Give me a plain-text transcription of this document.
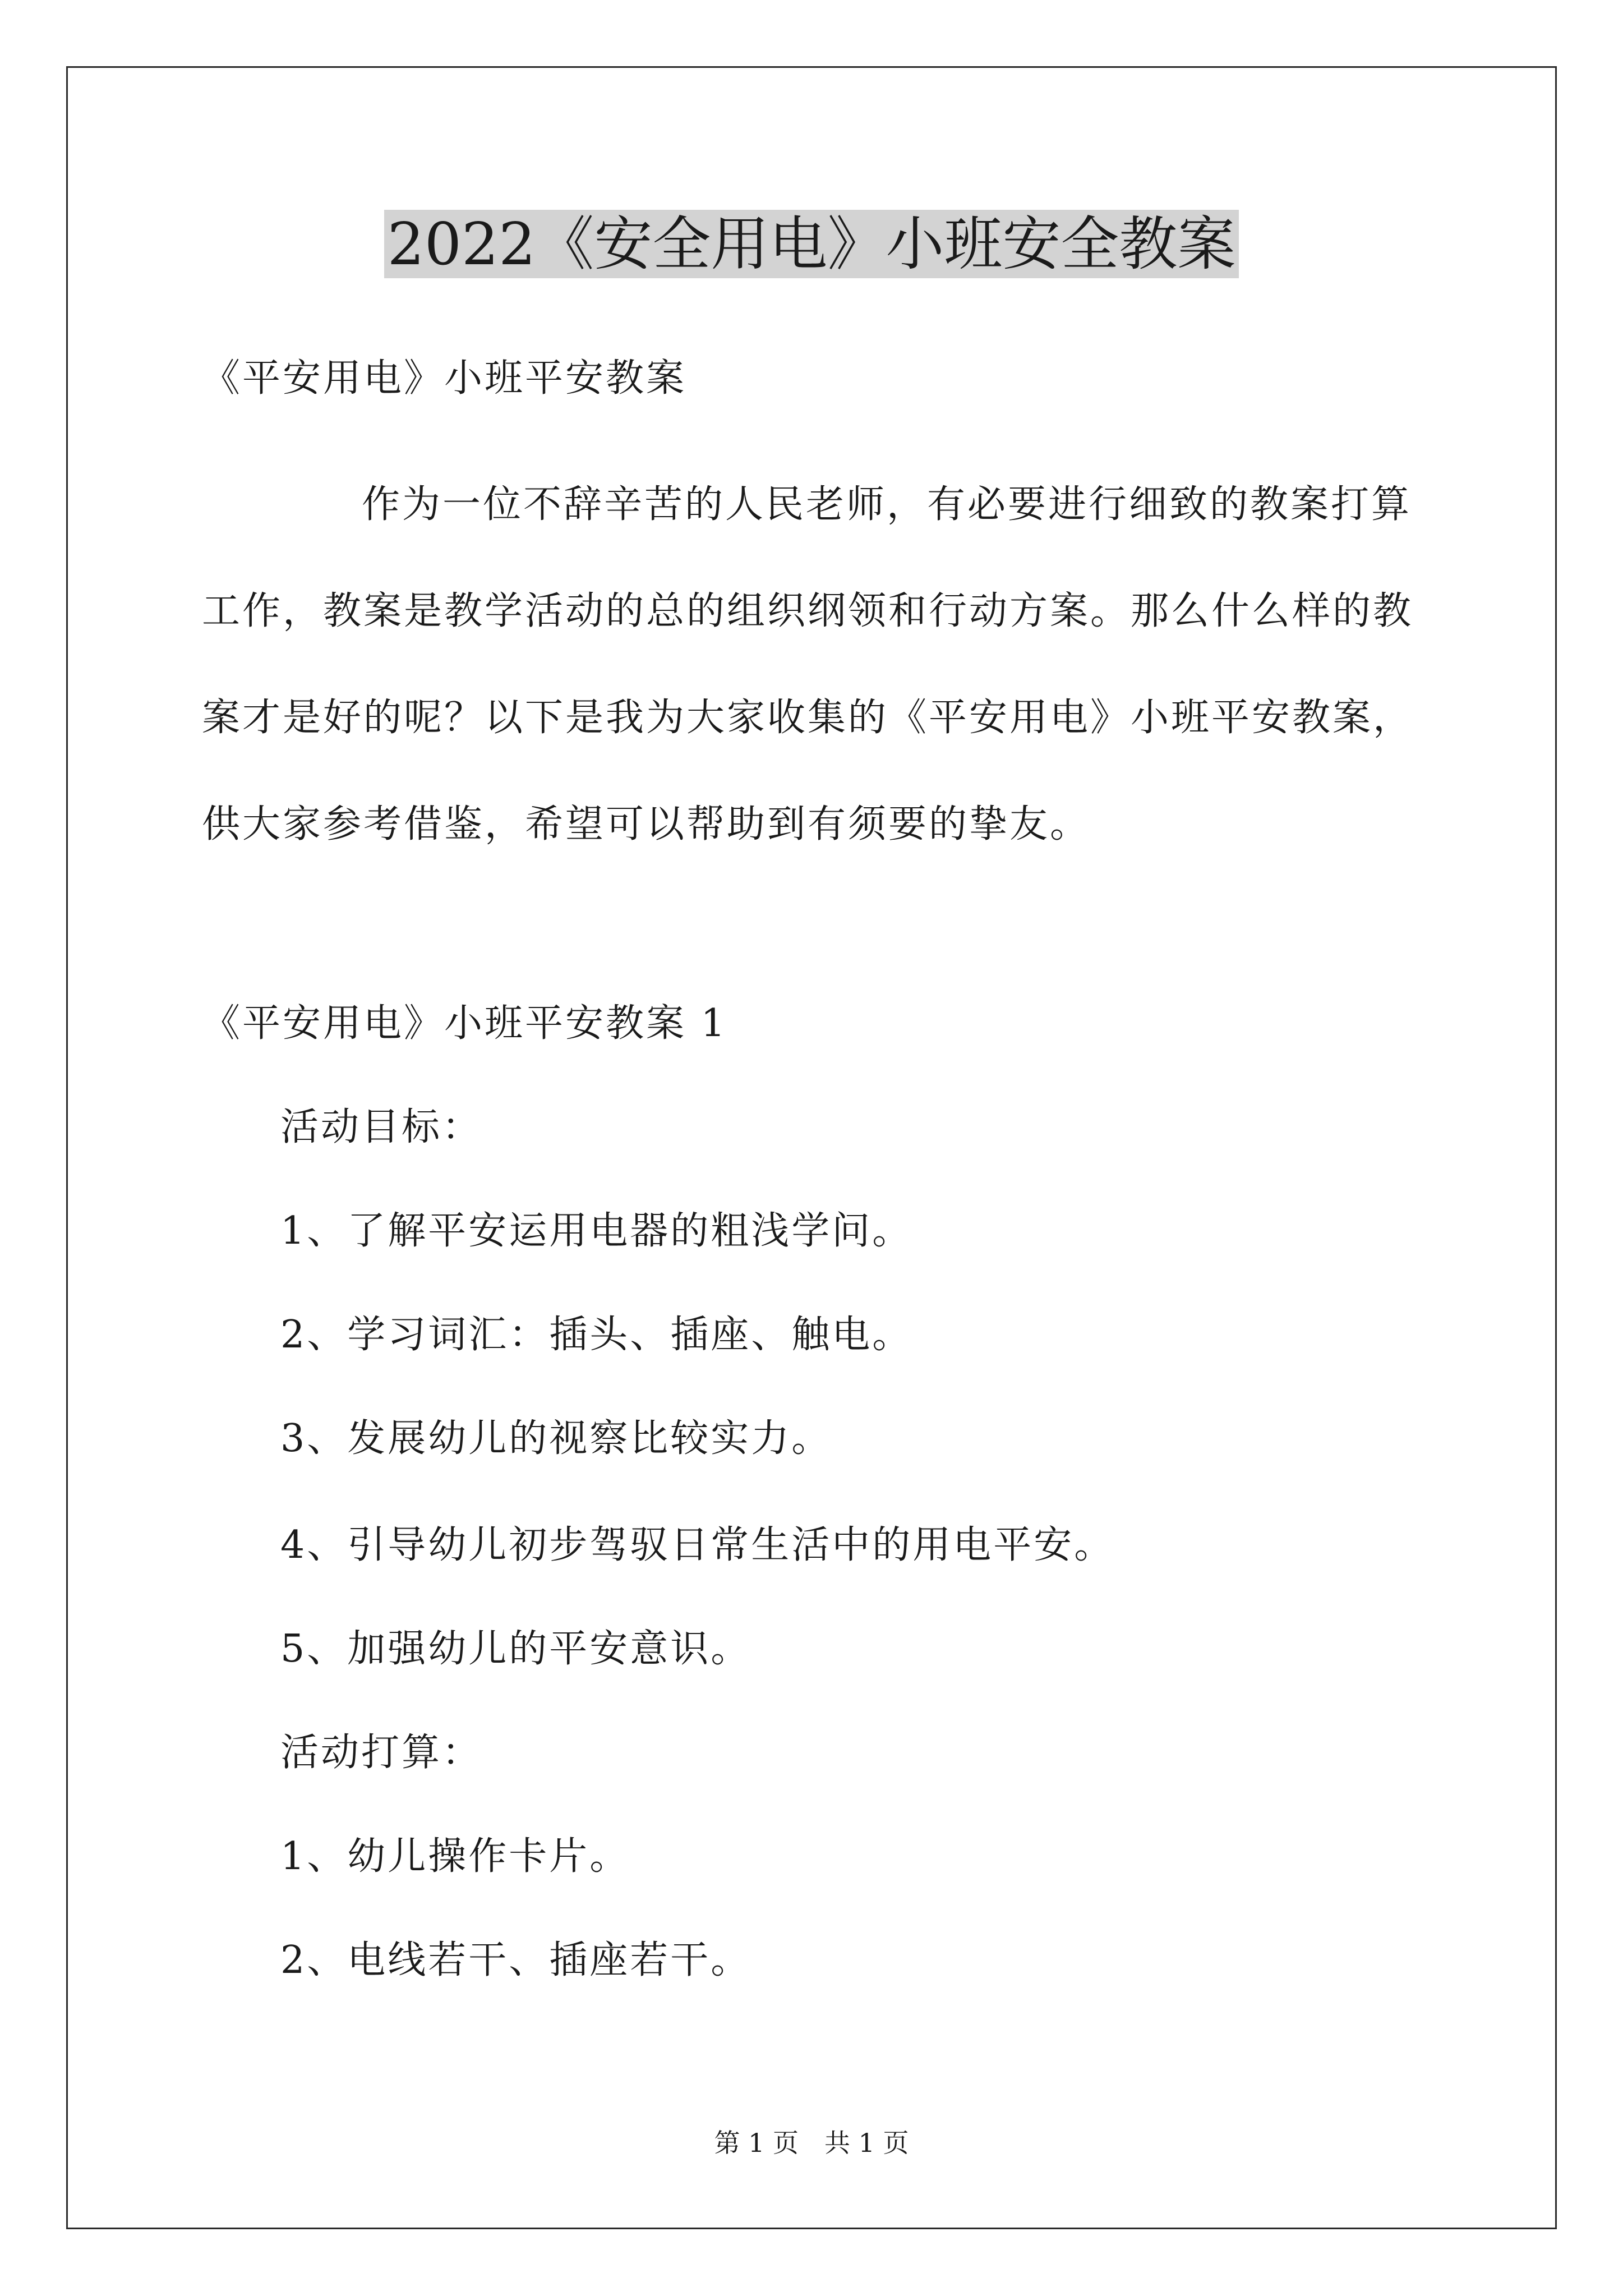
2022《安全用电》小班安全教案
《平安用电》小班平安教案

作为一位不辞辛苦的人民老师，有必要进行细致的教案打算

工作，教案是教学活动的总的组织纲领和行动方案。那么什么样的教

案才是好的呢？以下是我为大家收集的《平安用电》小班平安教案，

供大家参考借鉴，希望可以帮助到有须要的挚友。

《平安用电》小班平安教案 1
活动目标：
1、了解平安运用电器的粗浅学问。
2、学习词汇：插头、插座、触电。
3、发展幼儿的视察比较实力。
4、引导幼儿初步驾驭日常生活中的用电平安。
5、加强幼儿的平安意识。
活动打算：
1、幼儿操作卡片。
2、电线若干、插座若干。
第 1 页　共 1 页
